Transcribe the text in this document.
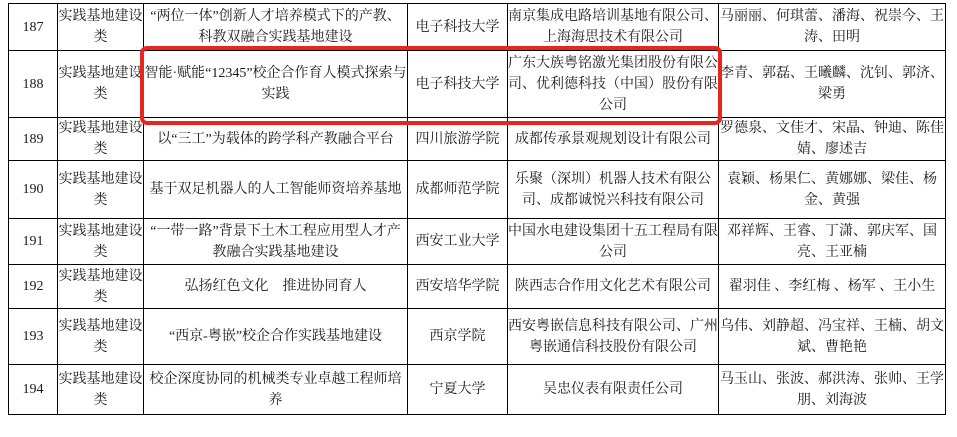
187	实践基地建设类	“两位一体”创新人才培养模式下的产教、科教双融合实践基地建设	电子科技大学	南京集成电路培训基地有限公司、上海海思技术有限公司	马丽丽、何琪蕾、潘海、祝崇今、王涛、田明
188	实践基地建设类	智能·赋能“12345”校企合作育人模式探索与实践	电子科技大学	广东大族粤铭激光集团股份有限公司、优利德科技（中国）股份有限公司	李青、郭磊、王曦麟、沈钊、郭济、梁勇
189	实践基地建设类	以“三工”为载体的跨学科产教融合平台	四川旅游学院	成都传承景观规划设计有限公司	罗德泉、文佳才、宋晶、钟迪、陈佳婧、廖述吉
190	实践基地建设类	基于双足机器人的人工智能师资培养基地	成都师范学院	乐聚（深圳）机器人技术有限公司、成都诚悦兴科技有限公司	袁颖、杨果仁、黄娜娜、梁佳、杨金、黄强
191	实践基地建设类	“一带一路”背景下土木工程应用型人才产教融合实践基地建设	西安工业大学	中国水电建设集团十五工程局有限公司	邓祥辉、王睿、丁潇、郭庆军、国亮、王亚楠
192	实践基地建设类	弘扬红色文化　推进协同育人	西安培华学院	陕西志合作用文化艺术有限公司	翟羽佳 、李红梅 、杨军 、王小生
193	实践基地建设类	“西京-粤嵌”校企合作实践基地建设	西京学院	西安粤嵌信息科技有限公司、广州粤嵌通信科技股份有限公司	乌伟、刘静超、冯宝祥、王楠、胡文斌、曹艳艳
194	实践基地建设类	校企深度协同的机械类专业卓越工程师培养	宁夏大学	吴忠仪表有限责任公司	马玉山、张波、郝洪涛、张帅、王学朋、刘海波
